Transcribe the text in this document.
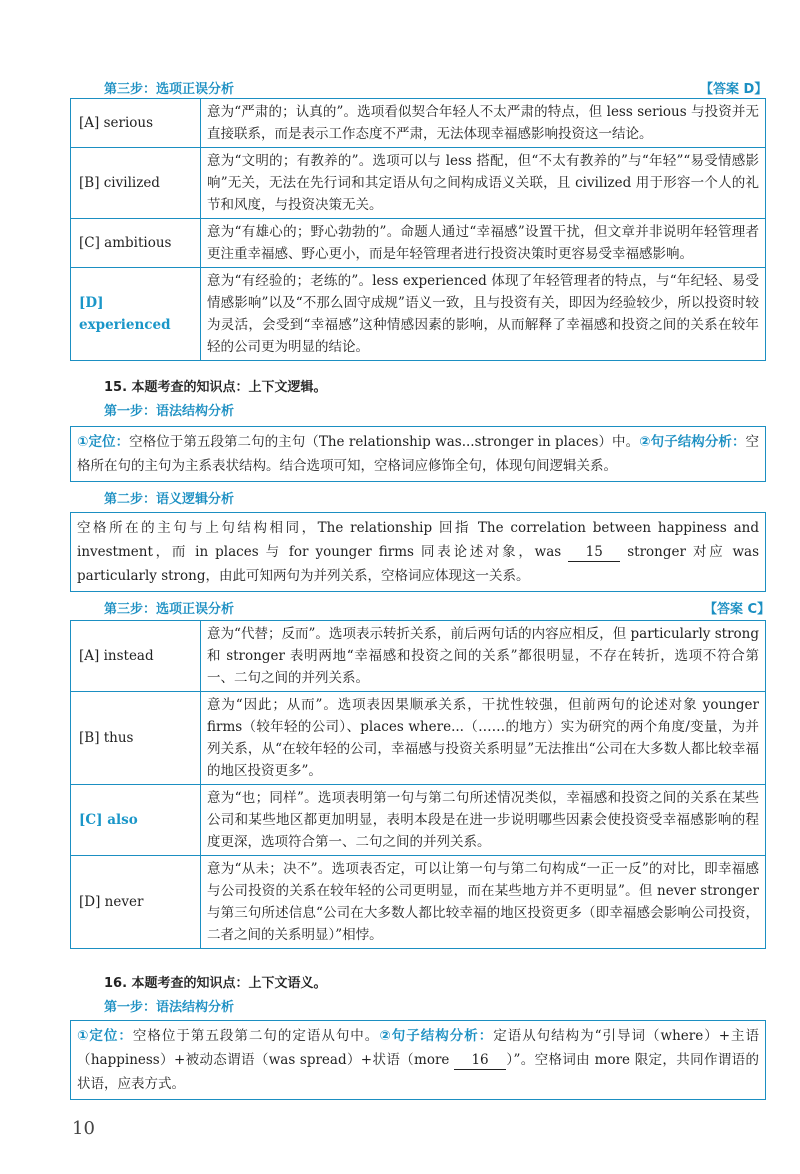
第三步：选项正误分析	【答案 D】
[A] serious	意为“严肃的；认真的”。选项看似契合年轻人不太严肃的特点，但 less serious 与投资并无直接联系，而是表示工作态度不严肃，无法体现幸福感影响投资这一结论。
[B] civilized	意为“文明的；有教养的”。选项可以与 less 搭配，但“不太有教养的”与“年轻”“易受情感影响”无关，无法在先行词和其定语从句之间构成语义关联，且 civilized 用于形容一个人的礼节和风度，与投资决策无关。
[C] ambitious	意为“有雄心的；野心勃勃的”。命题人通过“幸福感”设置干扰，但文章并非说明年轻管理者更注重幸福感、野心更小，而是年轻管理者进行投资决策时更容易受幸福感影响。
[D] experienced	意为“有经验的；老练的”。less experienced 体现了年轻管理者的特点，与“年纪轻、易受情感影响”以及“不那么固守成规”语义一致，且与投资有关，即因为经验较少，所以投资时较为灵活，会受到“幸福感”这种情感因素的影响，从而解释了幸福感和投资之间的关系在较年轻的公司更为明显的结论。
15. 本题考查的知识点：上下文逻辑。
第一步：语法结构分析
①定位：空格位于第五段第二句的主句（The relationship was...stronger in places）中。②句子结构分析：空格所在句的主句为主系表状结构。结合选项可知，空格词应修饰全句，体现句间逻辑关系。
第二步：语义逻辑分析
空格所在的主句与上句结构相同，The relationship 回指 The correlation between happiness and investment，而 in places 与 for younger firms 同表论述对象，was 15 stronger 对应 was particularly strong，由此可知两句为并列关系，空格词应体现这一关系。
第三步：选项正误分析	【答案 C】
[A] instead	意为“代替；反而”。选项表示转折关系，前后两句话的内容应相反，但 particularly strong 和 stronger 表明两地“幸福感和投资之间的关系”都很明显，不存在转折，选项不符合第一、二句之间的并列关系。
[B] thus	意为“因此；从而”。选项表因果顺承关系，干扰性较强，但前两句的论述对象 younger firms（较年轻的公司）、places where...（……的地方）实为研究的两个角度/变量，为并列关系，从“在较年轻的公司，幸福感与投资关系明显”无法推出“公司在大多数人都比较幸福的地区投资更多”。
[C] also	意为“也；同样”。选项表明第一句与第二句所述情况类似，幸福感和投资之间的关系在某些公司和某些地区都更加明显，表明本段是在进一步说明哪些因素会使投资受幸福感影响的程度更深，选项符合第一、二句之间的并列关系。
[D] never	意为“从未；决不”。选项表否定，可以让第一句与第二句构成“一正一反”的对比，即幸福感与公司投资的关系在较年轻的公司更明显，而在某些地方并不更明显”。但 never stronger 与第三句所述信息“公司在大多数人都比较幸福的地区投资更多（即幸福感会影响公司投资，二者之间的关系明显）”相悖。
16. 本题考查的知识点：上下文语义。
第一步：语法结构分析
①定位：空格位于第五段第二句的定语从句中。②句子结构分析：定语从句结构为“引导词（where）+主语（happiness）+被动态谓语（was spread）+状语（more 16 ）”。空格词由 more 限定，共同作谓语的状语，应表方式。
10
